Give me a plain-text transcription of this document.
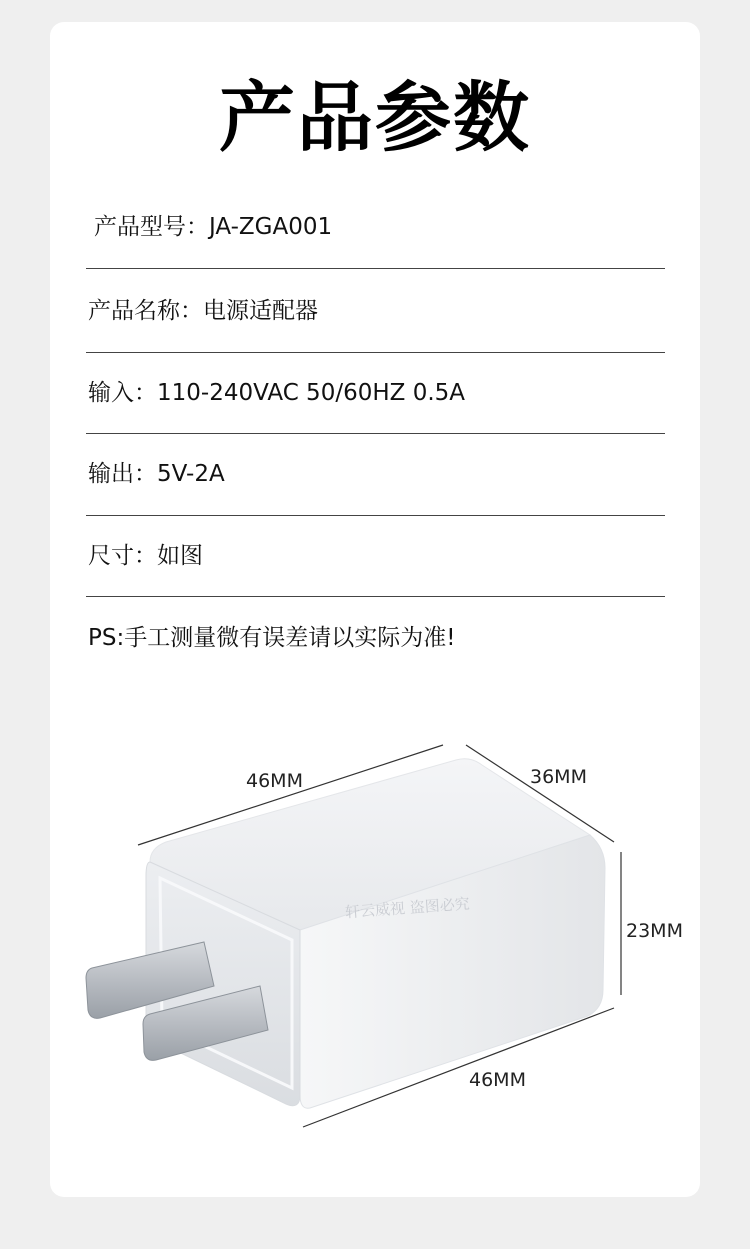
产品参数
产品型号：JA-ZGA001
产品名称：电源适配器
输入：110-240VAC 50/60HZ 0.5A
输出：5V-2A
尺寸：如图
PS:手工测量微有误差请以实际为准!
轩云威视 盗图必究
46MM	36MM
23MM
46MM
